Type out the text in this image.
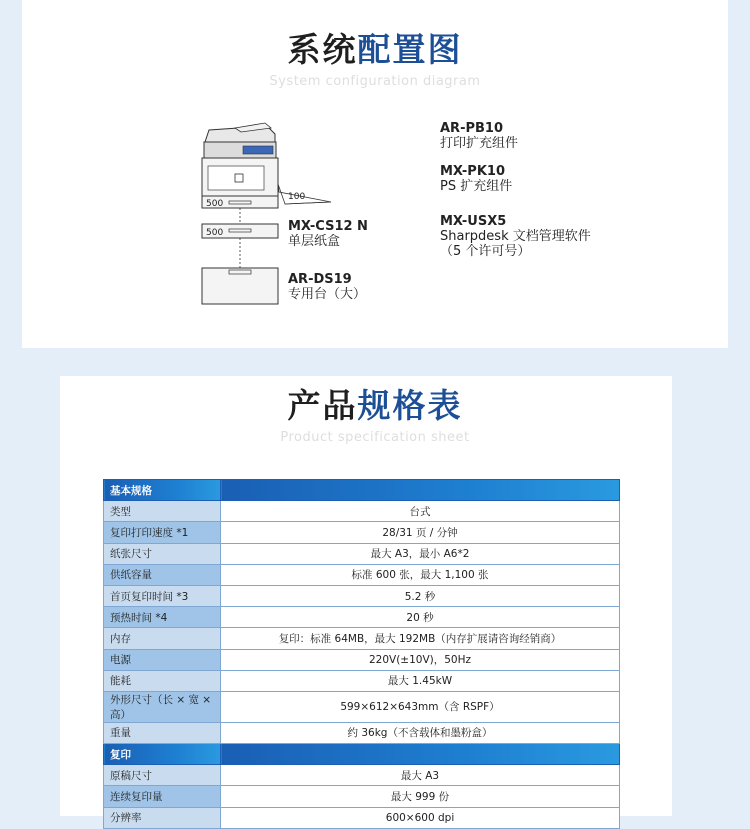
系统配置图
System configuration diagram
100
500
500
AR-PB10
打印扩充组件
MX-PK10
PS 扩充组件
MX-USX5
Sharpdesk 文档管理软件
（5 个许可号）
MX-CS12 N
单层纸盒
AR-DS19
专用台（大）
产品规格表
Product specification sheet
基本规格	
类型	台式
复印打印速度 *1	28/31 页 / 分钟
纸张尺寸	最大 A3，最小 A6*2
供纸容量	标准 600 张，最大 1,100 张
首页复印时间 *3	5.2 秒
预热时间 *4	20 秒
内存	复印：标准 64MB，最大 192MB（内存扩展请咨询经销商）
电源	220V(±10V)，50Hz
能耗	最大 1.45kW
外形尺寸（长 × 宽 × 高）	599×612×643mm（含 RSPF）
重量	约 36kg（不含载体和墨粉盒）
复印	
原稿尺寸	最大 A3
连续复印量	最大 999 份
分辨率	600×600 dpi
